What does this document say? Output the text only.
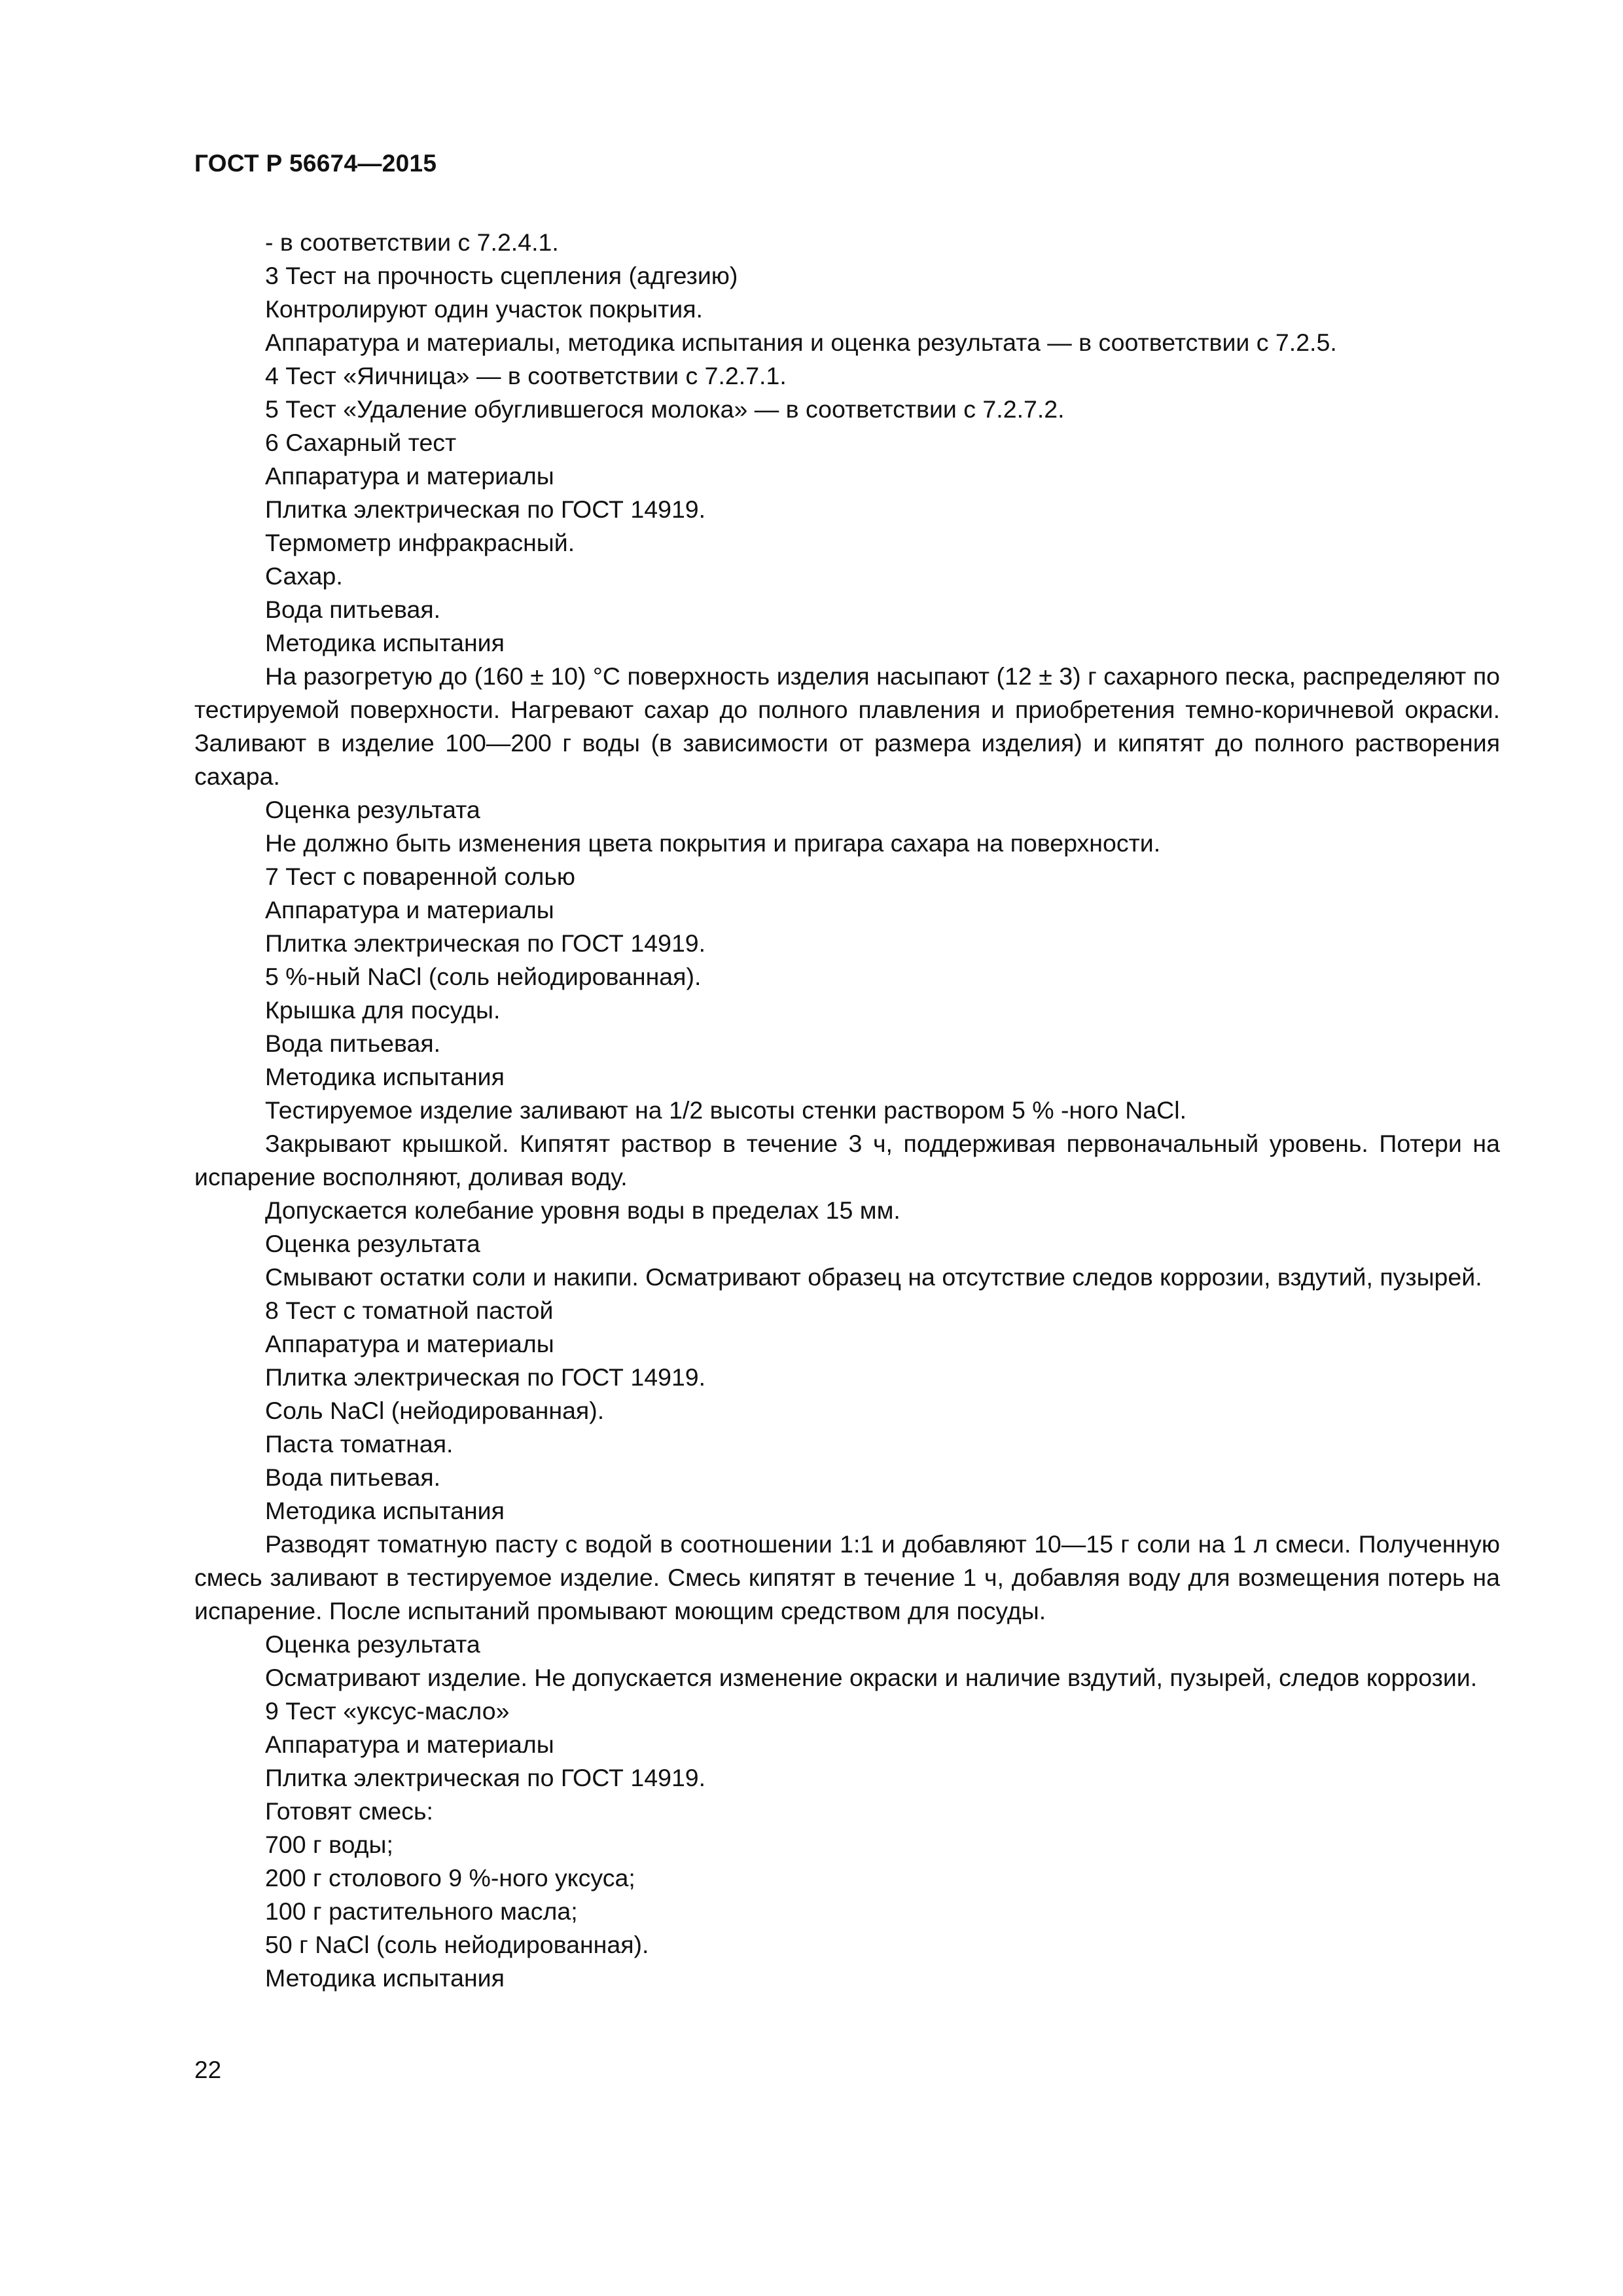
ГОСТ Р 56674—2015

- в соответствии с 7.2.4.1.

3 Тест на прочность сцепления (адгезию)

Контролируют один участок покрытия.

Аппаратура и материалы, методика испытания и оценка результата — в соответствии с 7.2.5.

4 Тест «Яичница» — в соответствии с 7.2.7.1.

5 Тест «Удаление обуглившегося молока» — в соответствии с 7.2.7.2.

6 Сахарный тест

Аппаратура и материалы

Плитка электрическая по ГОСТ 14919.

Термометр инфракрасный.

Сахар.

Вода питьевая.

Методика испытания

На разогретую до (160 ± 10) °С поверхность изделия насыпают (12 ± 3) г сахарного песка, распределяют по тестируемой поверхности. Нагревают сахар до полного плавления и приобретения темно-коричневой окраски. Заливают в изделие 100—200 г воды (в зависимости от размера изделия) и кипятят до полного растворения сахара.

Оценка результата

Не должно быть изменения цвета покрытия и пригара сахара на поверхности.

7 Тест с поваренной солью

Аппаратура и материалы

Плитка электрическая по ГОСТ 14919.

5 %-ный NaCl (соль нейодированная).

Крышка для посуды.

Вода питьевая.

Методика испытания

Тестируемое изделие заливают на 1/2 высоты стенки раствором 5 % -ного NaCl.

Закрывают крышкой. Кипятят раствор в течение 3 ч, поддерживая первоначальный уровень. Потери на испарение восполняют, доливая воду.

Допускается колебание уровня воды в пределах 15 мм.

Оценка результата

Смывают остатки соли и накипи. Осматривают образец на отсутствие следов коррозии, вздутий, пузырей.

8 Тест с томатной пастой

Аппаратура и материалы

Плитка электрическая по ГОСТ 14919.

Соль NaCl (нейодированная).

Паста томатная.

Вода питьевая.

Методика испытания

Разводят томатную пасту с водой в соотношении 1:1 и добавляют 10—15 г соли на 1 л смеси. Полученную смесь заливают в тестируемое изделие. Смесь кипятят в течение 1 ч, добавляя воду для возмещения потерь на испарение. После испытаний промывают моющим средством для посуды.

Оценка результата

Осматривают изделие. Не допускается изменение окраски и наличие вздутий, пузырей, следов коррозии.

9 Тест «уксус-масло»

Аппаратура и материалы

Плитка электрическая по ГОСТ 14919.

Готовят смесь:

700 г воды;

200 г столового 9 %-ного уксуса;

100 г растительного масла;

50 г NaCl (соль нейодированная).

Методика испытания

22
